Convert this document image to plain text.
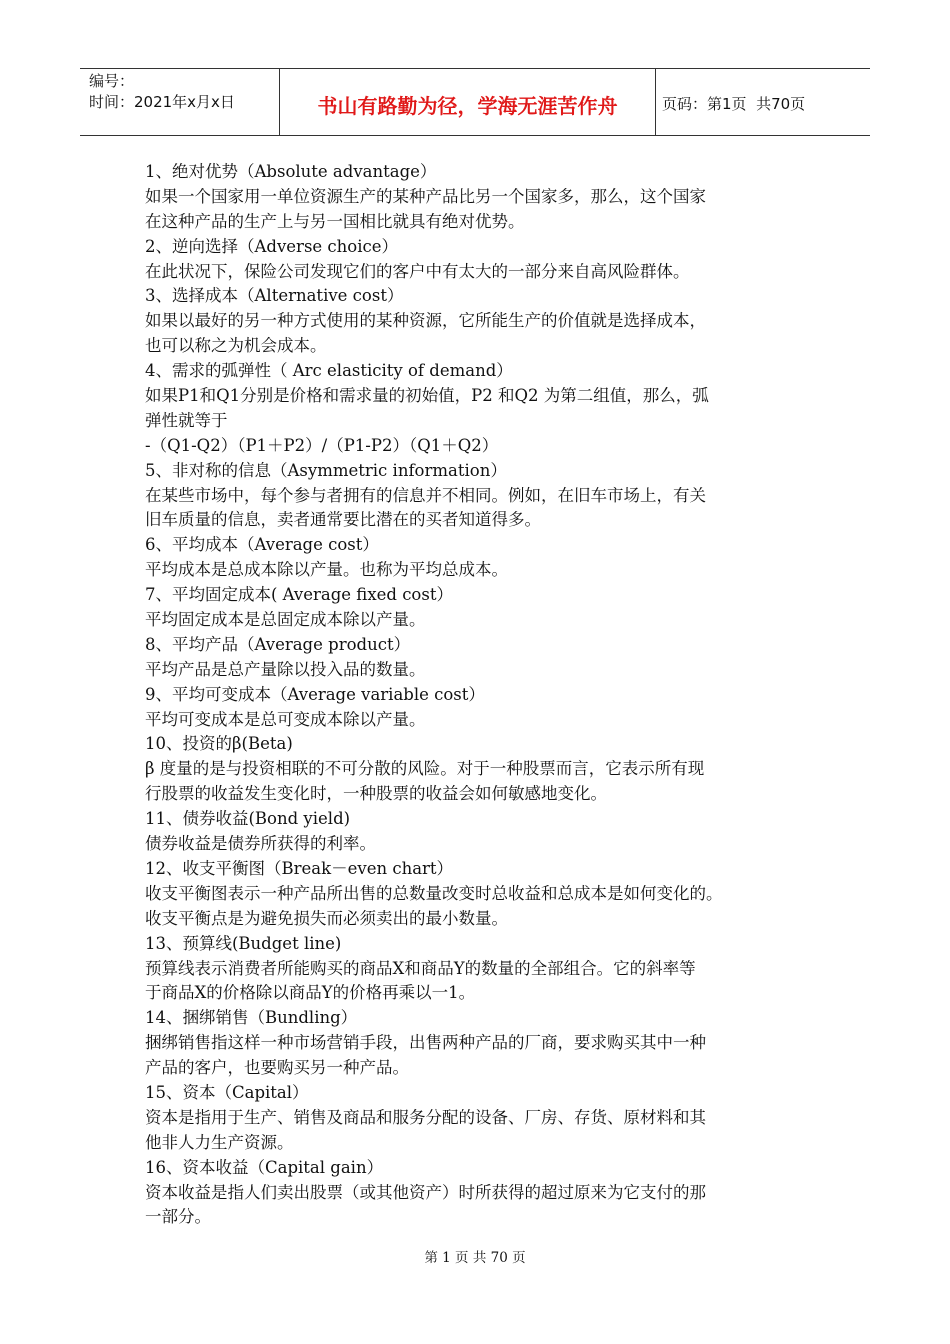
编号：
时间：2021年x月x日	书山有路勤为径，学海无涯苦作舟	页码：第1页  共70页
1、绝对优势（Absolute advantage）
如果一个国家用一单位资源生产的某种产品比另一个国家多，那么，这个国家
在这种产品的生产上与另一国相比就具有绝对优势。
2、逆向选择（Adverse choice）
在此状况下，保险公司发现它们的客户中有太大的一部分来自高风险群体。
3、选择成本（Alternative cost）
如果以最好的另一种方式使用的某种资源，它所能生产的价值就是选择成本，
也可以称之为机会成本。
4、需求的弧弹性（ Arc elasticity of demand）
如果P1和Q1分别是价格和需求量的初始值，P2 和Q2 为第二组值，那么，弧
弹性就等于
-（Q1-Q2）（P1＋P2）/（P1-P2）（Q1＋Q2）
5、非对称的信息（Asymmetric information）
在某些市场中，每个参与者拥有的信息并不相同。例如，在旧车市场上，有关
旧车质量的信息，卖者通常要比潜在的买者知道得多。
6、平均成本（Average cost）
平均成本是总成本除以产量。也称为平均总成本。
7、平均固定成本( Average fixed cost）
平均固定成本是总固定成本除以产量。
8、平均产品（Average product）
平均产品是总产量除以投入品的数量。
9、平均可变成本（Average variable cost）
平均可变成本是总可变成本除以产量。
10、投资的β(Beta)
β 度量的是与投资相联的不可分散的风险。对于一种股票而言，它表示所有现
行股票的收益发生变化时，一种股票的收益会如何敏感地变化。
11、债券收益(Bond yield)
债券收益是债券所获得的利率。
12、收支平衡图（Break－even chart）
收支平衡图表示一种产品所出售的总数量改变时总收益和总成本是如何变化的。
收支平衡点是为避免损失而必须卖出的最小数量。
13、预算线(Budget line)
预算线表示消费者所能购买的商品X和商品Y的数量的全部组合。它的斜率等
于商品X的价格除以商品Y的价格再乘以一1。
14、捆绑销售（Bundling）
捆绑销售指这样一种市场营销手段，出售两种产品的厂商，要求购买其中一种
产品的客户，也要购买另一种产品。
15、资本（Capital）
资本是指用于生产、销售及商品和服务分配的设备、厂房、存货、原材料和其
他非人力生产资源。
16、资本收益（Capital gain）
资本收益是指人们卖出股票（或其他资产）时所获得的超过原来为它支付的那
一部分。
第 1 页 共 70 页
